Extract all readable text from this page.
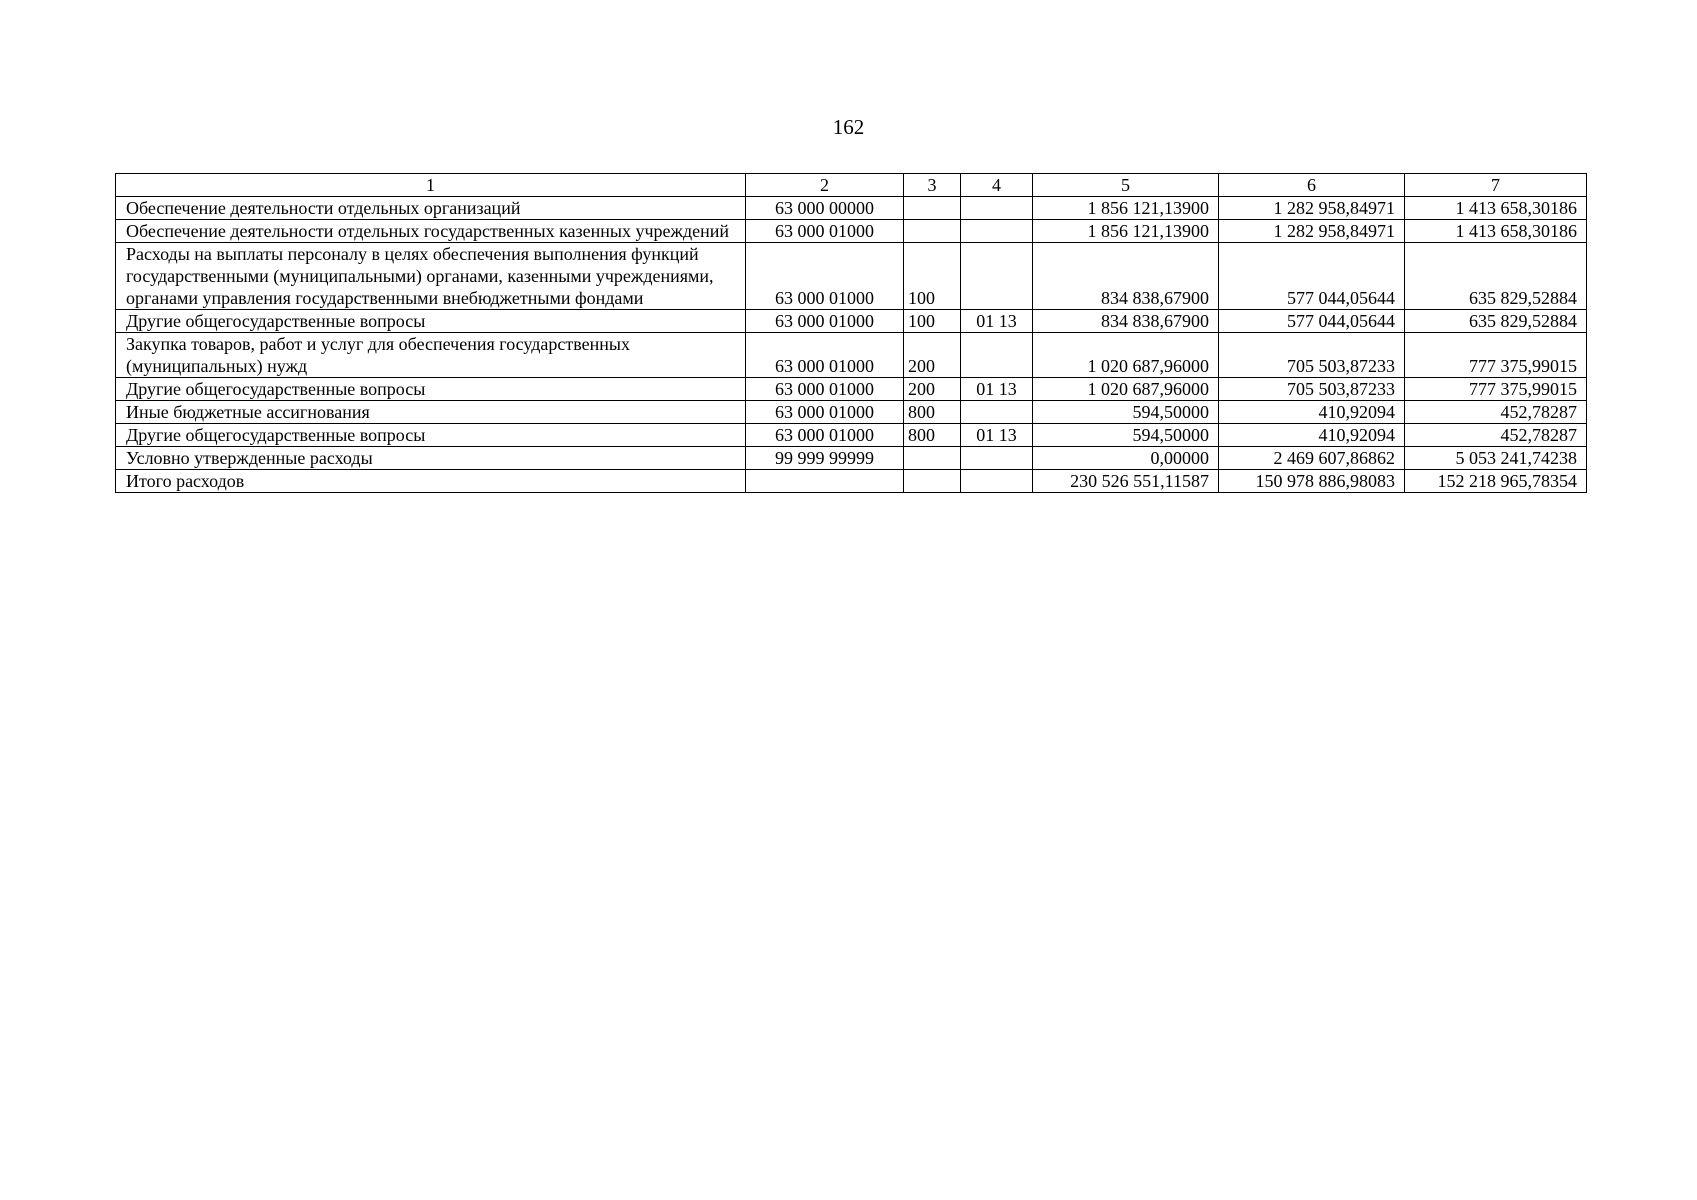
162
1	2	3	4	5	6	7
Обеспечение деятельности отдельных организаций	63 000 00000			1 856 121,13900	1 282 958,84971	1 413 658,30186
Обеспечение деятельности отдельных государственных казенных учреждений	63 000 01000			1 856 121,13900	1 282 958,84971	1 413 658,30186
Расходы на выплаты персоналу в целях обеспечения выполнения функций государственными (муниципальными) органами, казенными учреждениями, органами управления государственными внебюджетными фондами	63 000 01000	100		834 838,67900	577 044,05644	635 829,52884
Другие общегосударственные вопросы	63 000 01000	100	01 13	834 838,67900	577 044,05644	635 829,52884
Закупка товаров, работ и услуг для обеспечения государственных (муниципальных) нужд	63 000 01000	200		1 020 687,96000	705 503,87233	777 375,99015
Другие общегосударственные вопросы	63 000 01000	200	01 13	1 020 687,96000	705 503,87233	777 375,99015
Иные бюджетные ассигнования	63 000 01000	800		594,50000	410,92094	452,78287
Другие общегосударственные вопросы	63 000 01000	800	01 13	594,50000	410,92094	452,78287
Условно утвержденные расходы	99 999 99999			0,00000	2 469 607,86862	5 053 241,74238
Итого расходов				230 526 551,11587	150 978 886,98083	152 218 965,78354
